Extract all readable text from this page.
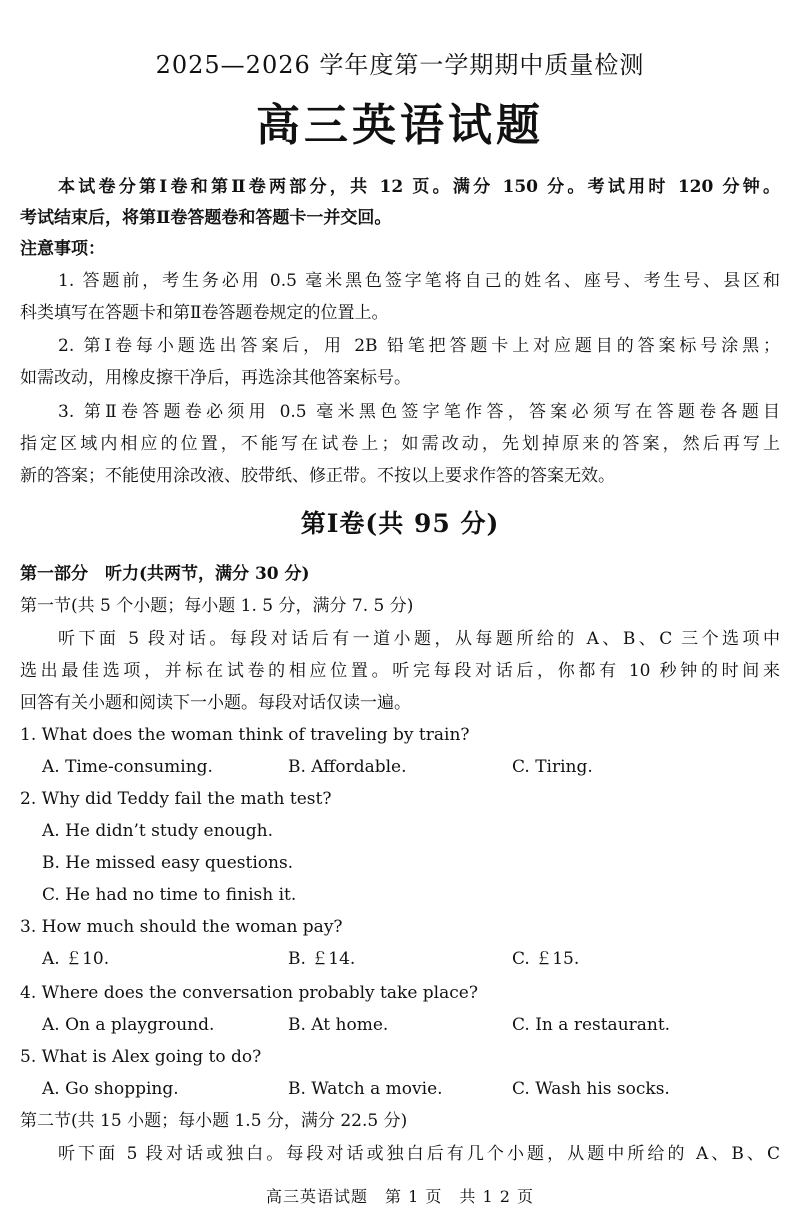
2025—2026 学年度第一学期期中质量检测
高三英语试题
本试卷分第Ⅰ卷和第Ⅱ卷两部分，共 12 页。满分 150 分。考试用时 120 分钟。
考试结束后，将第Ⅱ卷答题卷和答题卡一并交回。
注意事项：
1. 答题前，考生务必用 0.5 毫米黑色签字笔将自己的姓名、座号、考生号、县区和
科类填写在答题卡和第Ⅱ卷答题卷规定的位置上。
2. 第Ⅰ卷每小题选出答案后，用 2B 铅笔把答题卡上对应题目的答案标号涂黑；
如需改动，用橡皮擦干净后，再选涂其他答案标号。
3. 第Ⅱ卷答题卷必须用 0.5 毫米黑色签字笔作答，答案必须写在答题卷各题目
指定区域内相应的位置，不能写在试卷上；如需改动，先划掉原来的答案，然后再写上
新的答案；不能使用涂改液、胶带纸、修正带。不按以上要求作答的答案无效。
第Ⅰ卷(共 95 分)
第一部分　听力(共两节，满分 30 分)
第一节(共 5 个小题；每小题 1. 5 分，满分 7. 5 分)
听下面 5 段对话。每段对话后有一道小题，从每题所给的 A、B、C 三个选项中
选出最佳选项，并标在试卷的相应位置。听完每段对话后，你都有 10 秒钟的时间来
回答有关小题和阅读下一小题。每段对话仅读一遍。
1. What does the woman think of traveling by train?
A. Time-consuming.	B. Affordable.	C. Tiring.
2. Why did Teddy fail the math test?
A. He didn’t study enough.
B. He missed easy questions.
C. He had no time to finish it.
3. How much should the woman pay?
A. ￡10.	B. ￡14.	C. ￡15.
4. Where does the conversation probably take place?
A. On a playground.	B. At home.	C. In a restaurant.
5. What is Alex going to do?
A. Go shopping.	B. Watch a movie.	C. Wash his socks.
第二节(共 15 小题；每小题 1.5 分，满分 22.5 分)
听下面 5 段对话或独白。每段对话或独白后有几个小题，从题中所给的 A、B、C
高三英语试题　第 1 页　共 1 2 页
